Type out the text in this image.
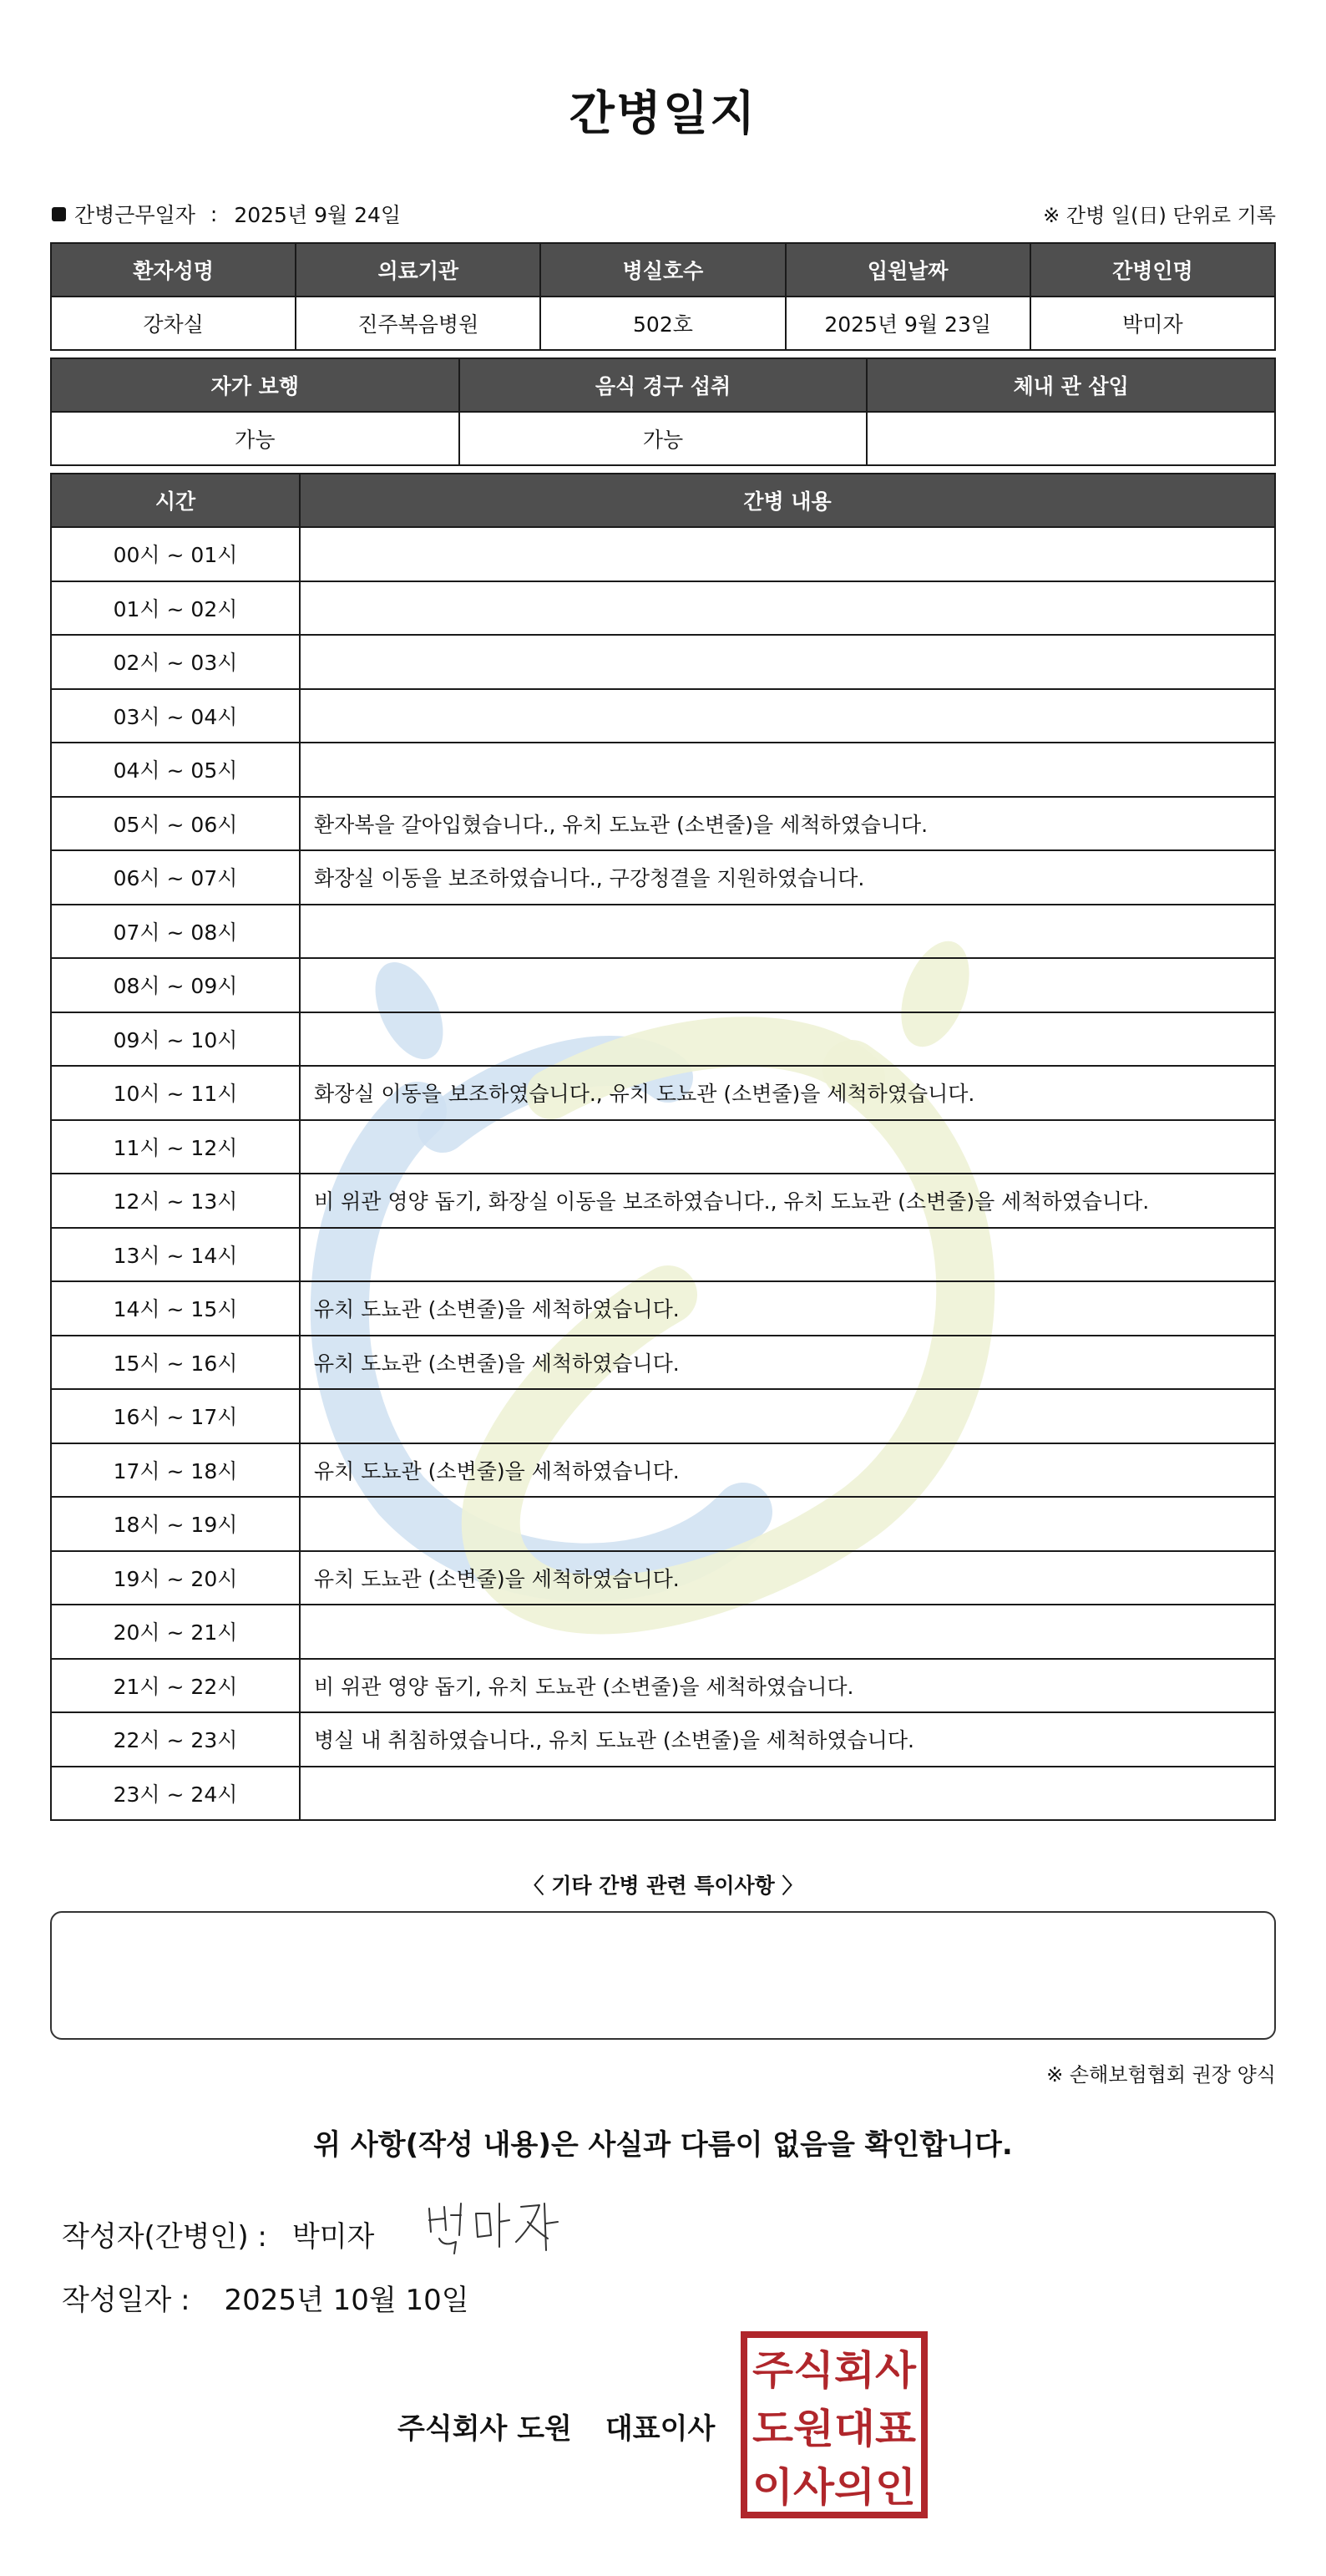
간병일지
간병근무일자 : 2025년 9월 24일	※ 간병 일(日) 단위로 기록
환자성명	의료기관	병실호수	입원날짜	간병인명
강차실	진주복음병원	502호	2025년 9월 23일	박미자
자가 보행	음식 경구 섭취	체내 관 삽입
가능	가능	
시간	간병 내용
00시 ~ 01시	
01시 ~ 02시	
02시 ~ 03시	
03시 ~ 04시	
04시 ~ 05시	
05시 ~ 06시	환자복을 갈아입혔습니다., 유치 도뇨관 (소변줄)을 세척하였습니다.
06시 ~ 07시	화장실 이동을 보조하였습니다., 구강청결을 지원하였습니다.
07시 ~ 08시	
08시 ~ 09시	
09시 ~ 10시	
10시 ~ 11시	화장실 이동을 보조하였습니다., 유치 도뇨관 (소변줄)을 세척하였습니다.
11시 ~ 12시	
12시 ~ 13시	비 위관 영양 돕기, 화장실 이동을 보조하였습니다., 유치 도뇨관 (소변줄)을 세척하였습니다.
13시 ~ 14시	
14시 ~ 15시	유치 도뇨관 (소변줄)을 세척하였습니다.
15시 ~ 16시	유치 도뇨관 (소변줄)을 세척하였습니다.
16시 ~ 17시	
17시 ~ 18시	유치 도뇨관 (소변줄)을 세척하였습니다.
18시 ~ 19시	
19시 ~ 20시	유치 도뇨관 (소변줄)을 세척하였습니다.
20시 ~ 21시	
21시 ~ 22시	비 위관 영양 돕기, 유치 도뇨관 (소변줄)을 세척하였습니다.
22시 ~ 23시	병실 내 취침하였습니다., 유치 도뇨관 (소변줄)을 세척하였습니다.
23시 ~ 24시	
〈 기타 간병 관련 특이사항 〉
※ 손해보험협회 권장 양식
위 사항(작성 내용)은 사실과 다름이 없음을 확인합니다.
작성자(간병인) : 박미자
작성일자 : 2025년 10월 10일
주식회사 도원 대표이사
주식회사
도원대표
이사의인
